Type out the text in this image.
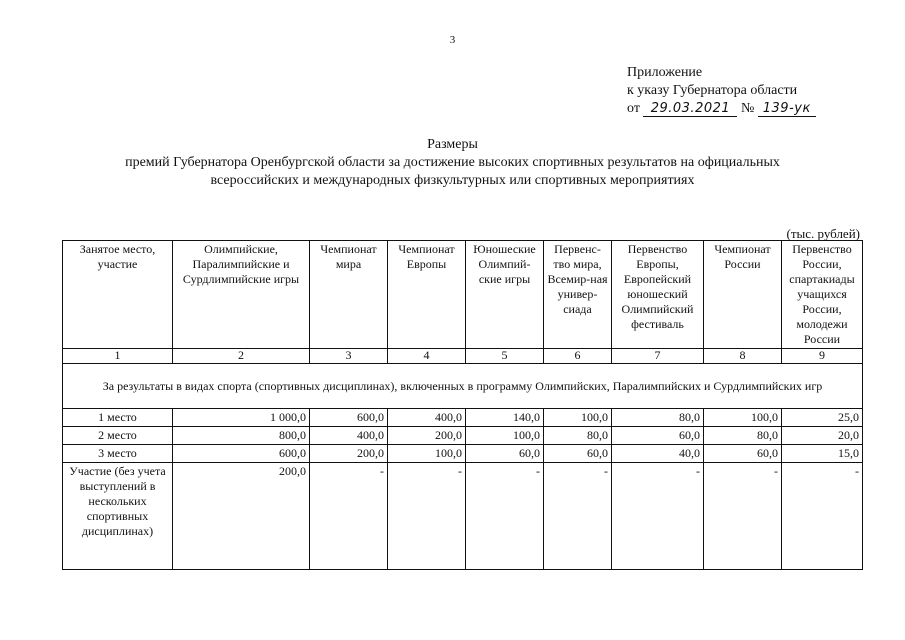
3
Приложение
к указу Губернатора области
от 29.03.2021 № 139-ук
Размеры
премий Губернатора Оренбургской области за достижение высоких спортивных результатов на официальных
всероссийских и международных физкультурных или спортивных мероприятиях
(тыс. рублей)
Занятое место, участие	Олимпийские, Паралимпийские и Сурдлимпийские игры	Чемпионат мира	Чемпионат Европы	Юношеские Олимпий-ские игры	Первенс-тво мира, Всемир-ная универ-сиада	Первенство Европы, Европейский юношеский Олимпийский фестиваль	Чемпионат России	Первенство России, спартакиады учащихся России, молодежи России
1	2	3	4	5	6	7	8	9
За результаты в видах спорта (спортивных дисциплинах), включенных в программу Олимпийских, Паралимпийских и Сурдлимпийских игр								
1 место	1 000,0	600,0	400,0	140,0	100,0	80,0	100,0	25,0
2 место	800,0	400,0	200,0	100,0	80,0	60,0	80,0	20,0
3 место	600,0	200,0	100,0	60,0	60,0	40,0	60,0	15,0
Участие (без учета выступлений в нескольких спортивных дисциплинах)	200,0	-	-	-	-	-	-	-
